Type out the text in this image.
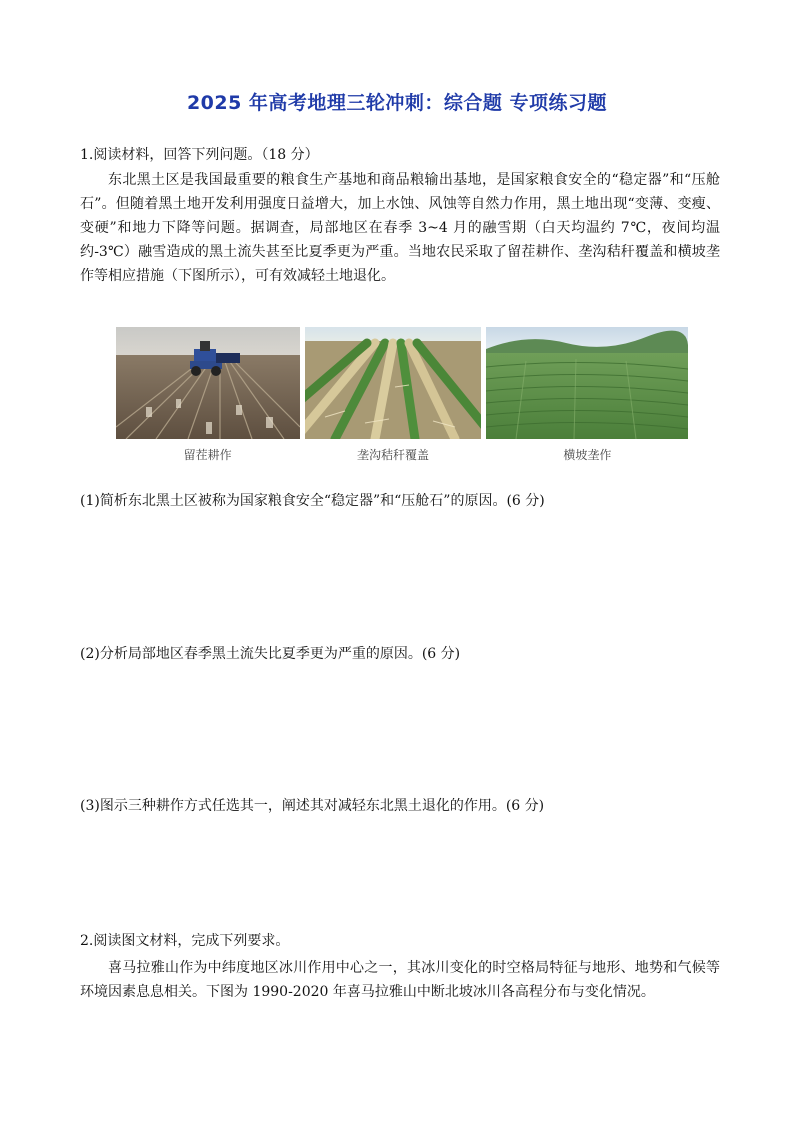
2025 年高考地理三轮冲刺：综合题 专项练习题
1.阅读材料，回答下列问题。（18 分）
东北黑土区是我国最重要的粮食生产基地和商品粮输出基地，是国家粮食安全的“稳定器”和“压舱石”。但随着黑土地开发利用强度日益增大，加上水蚀、风蚀等自然力作用，黑土地出现“变薄、变瘦、变硬”和地力下降等问题。据调查，局部地区在春季 3~4 月的融雪期（白天均温约 7℃，夜间均温约-3℃）融雪造成的黑土流失甚至比夏季更为严重。当地农民采取了留茬耕作、垄沟秸秆覆盖和横坡垄作等相应措施（下图所示），可有效减轻土地退化。
留茬耕作	垄沟秸秆覆盖	横坡垄作
(1)简析东北黑土区被称为国家粮食安全“稳定器”和“压舱石”的原因。(6 分)
(2)分析局部地区春季黑土流失比夏季更为严重的原因。(6 分)
(3)图示三种耕作方式任选其一，阐述其对减轻东北黑土退化的作用。(6 分)
2.阅读图文材料，完成下列要求。
喜马拉雅山作为中纬度地区冰川作用中心之一，其冰川变化的时空格局特征与地形、地势和气候等环境因素息息相关。下图为 1990-2020 年喜马拉雅山中断北坡冰川各高程分布与变化情况。
